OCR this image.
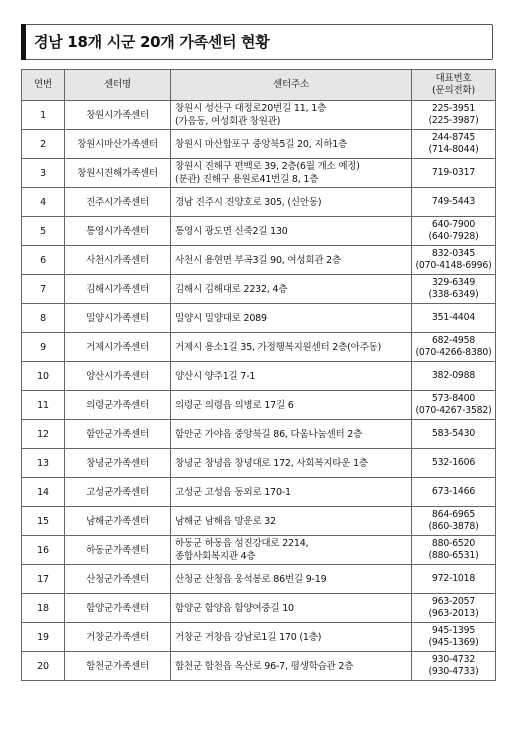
경남 18개 시군 20개 가족센터 현황
연번	센터명	센터주소	대표번호
(문의전화)

1	창원시가족센터	창원시 성산구 대정로20번길 11, 1층
(가음동, 여성회관 창원관)	225-3951
(225-3987)

2	창원시마산가족센터	창원시 마산합포구 중앙북5길 20, 지하1층	244-8745
(714-8044)

3	창원시진해가족센터	창원시 진해구 편백로 39, 2층(6월 개소 예정)
(분관) 진해구 용원로41번길 8, 1층	719-0317

4	진주시가족센터	경남 진주시 진양호로 305, (신안동)	749-5443

5	통영시가족센터	통영시 광도면 신죽2길 130	640-7900
(640-7928)

6	사천시가족센터	사천시 용현면 부곡3길 90, 여성회관 2층	832-0345
(070-4148-6996)

7	김해시가족센터	김해시 김해대로 2232, 4층	329-6349
(338-6349)

8	밀양시가족센터	밀양시 밀양대로 2089	351-4404

9	거제시가족센터	거제시 용소1길 35, 가정행복지원센터 2층(아주동)	682-4958
(070-4266-8380)

10	양산시가족센터	양산시 양주1길 7-1	382-0988

11	의령군가족센터	의령군 의령읍 의병로 17길 6	573-8400
(070-4267-3582)

12	함안군가족센터	함안군 가야읍 중앙북길 86, 다움나눔센터 2층	583-5430

13	창녕군가족센터	창녕군 창녕읍 창녕대로 172, 사회복지타운 1층	532-1606

14	고성군가족센터	고성군 고성읍 동외로 170-1	673-1466

15	남해군가족센터	남해군 남해읍 망운로 32	864-6965
(860-3878)

16	하동군가족센터	하동군 하동읍 섬진강대로 2214,
종합사회복지관 4층	880-6520
(880-6531)

17	산청군가족센터	산청군 산청읍 웅석봉로 86번길 9-19	972-1018

18	함양군가족센터	함양군 함양읍 함양여중길 10	963-2057
(963-2013)

19	거창군가족센터	거창군 거창읍 강남로1길 170 (1층)	945-1395
(945-1369)

20	합천군가족센터	합천군 합천읍 옥산로 96-7, 평생학습관 2층	930-4732
(930-4733)
